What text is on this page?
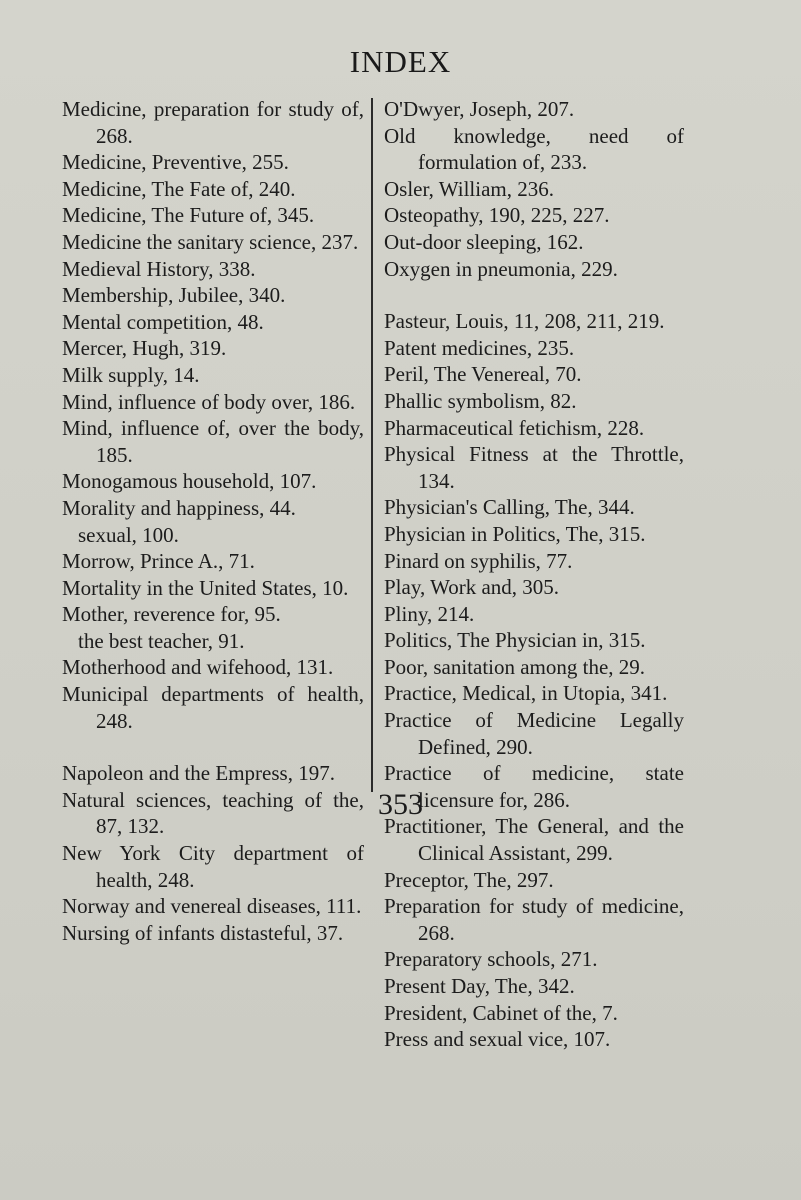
INDEX
Medicine, preparation for study of, 268.
Medicine, Preventive, 255.
Medicine, The Fate of, 240.
Medicine, The Future of, 345.
Medicine the sanitary science, 237.
Medieval History, 338.
Membership, Jubilee, 340.
Mental competition, 48.
Mercer, Hugh, 319.
Milk supply, 14.
Mind, influence of body over, 186.
Mind, influence of, over the body, 185.
Monogamous household, 107.
Morality and happiness, 44.
sexual, 100.
Morrow, Prince A., 71.
Mortality in the United States, 10.
Mother, reverence for, 95.
the best teacher, 91.
Motherhood and wifehood, 131.
Municipal departments of health, 248.
Napoleon and the Empress, 197.
Natural sciences, teaching of the, 87, 132.
New York City department of health, 248.
Norway and venereal diseases, 111.
Nursing of infants distasteful, 37.
O'Dwyer, Joseph, 207.
Old knowledge, need of formulation of, 233.
Osler, William, 236.
Osteopathy, 190, 225, 227.
Out-door sleeping, 162.
Oxygen in pneumonia, 229.
Pasteur, Louis, 11, 208, 211, 219.
Patent medicines, 235.
Peril, The Venereal, 70.
Phallic symbolism, 82.
Pharmaceutical fetichism, 228.
Physical Fitness at the Throttle, 134.
Physician's Calling, The, 344.
Physician in Politics, The, 315.
Pinard on syphilis, 77.
Play, Work and, 305.
Pliny, 214.
Politics, The Physician in, 315.
Poor, sanitation among the, 29.
Practice, Medical, in Utopia, 341.
Practice of Medicine Legally Defined, 290.
Practice of medicine, state licensure for, 286.
Practitioner, The General, and the Clinical Assistant, 299.
Preceptor, The, 297.
Preparation for study of medicine, 268.
Preparatory schools, 271.
Present Day, The, 342.
President, Cabinet of the, 7.
Press and sexual vice, 107.
353
